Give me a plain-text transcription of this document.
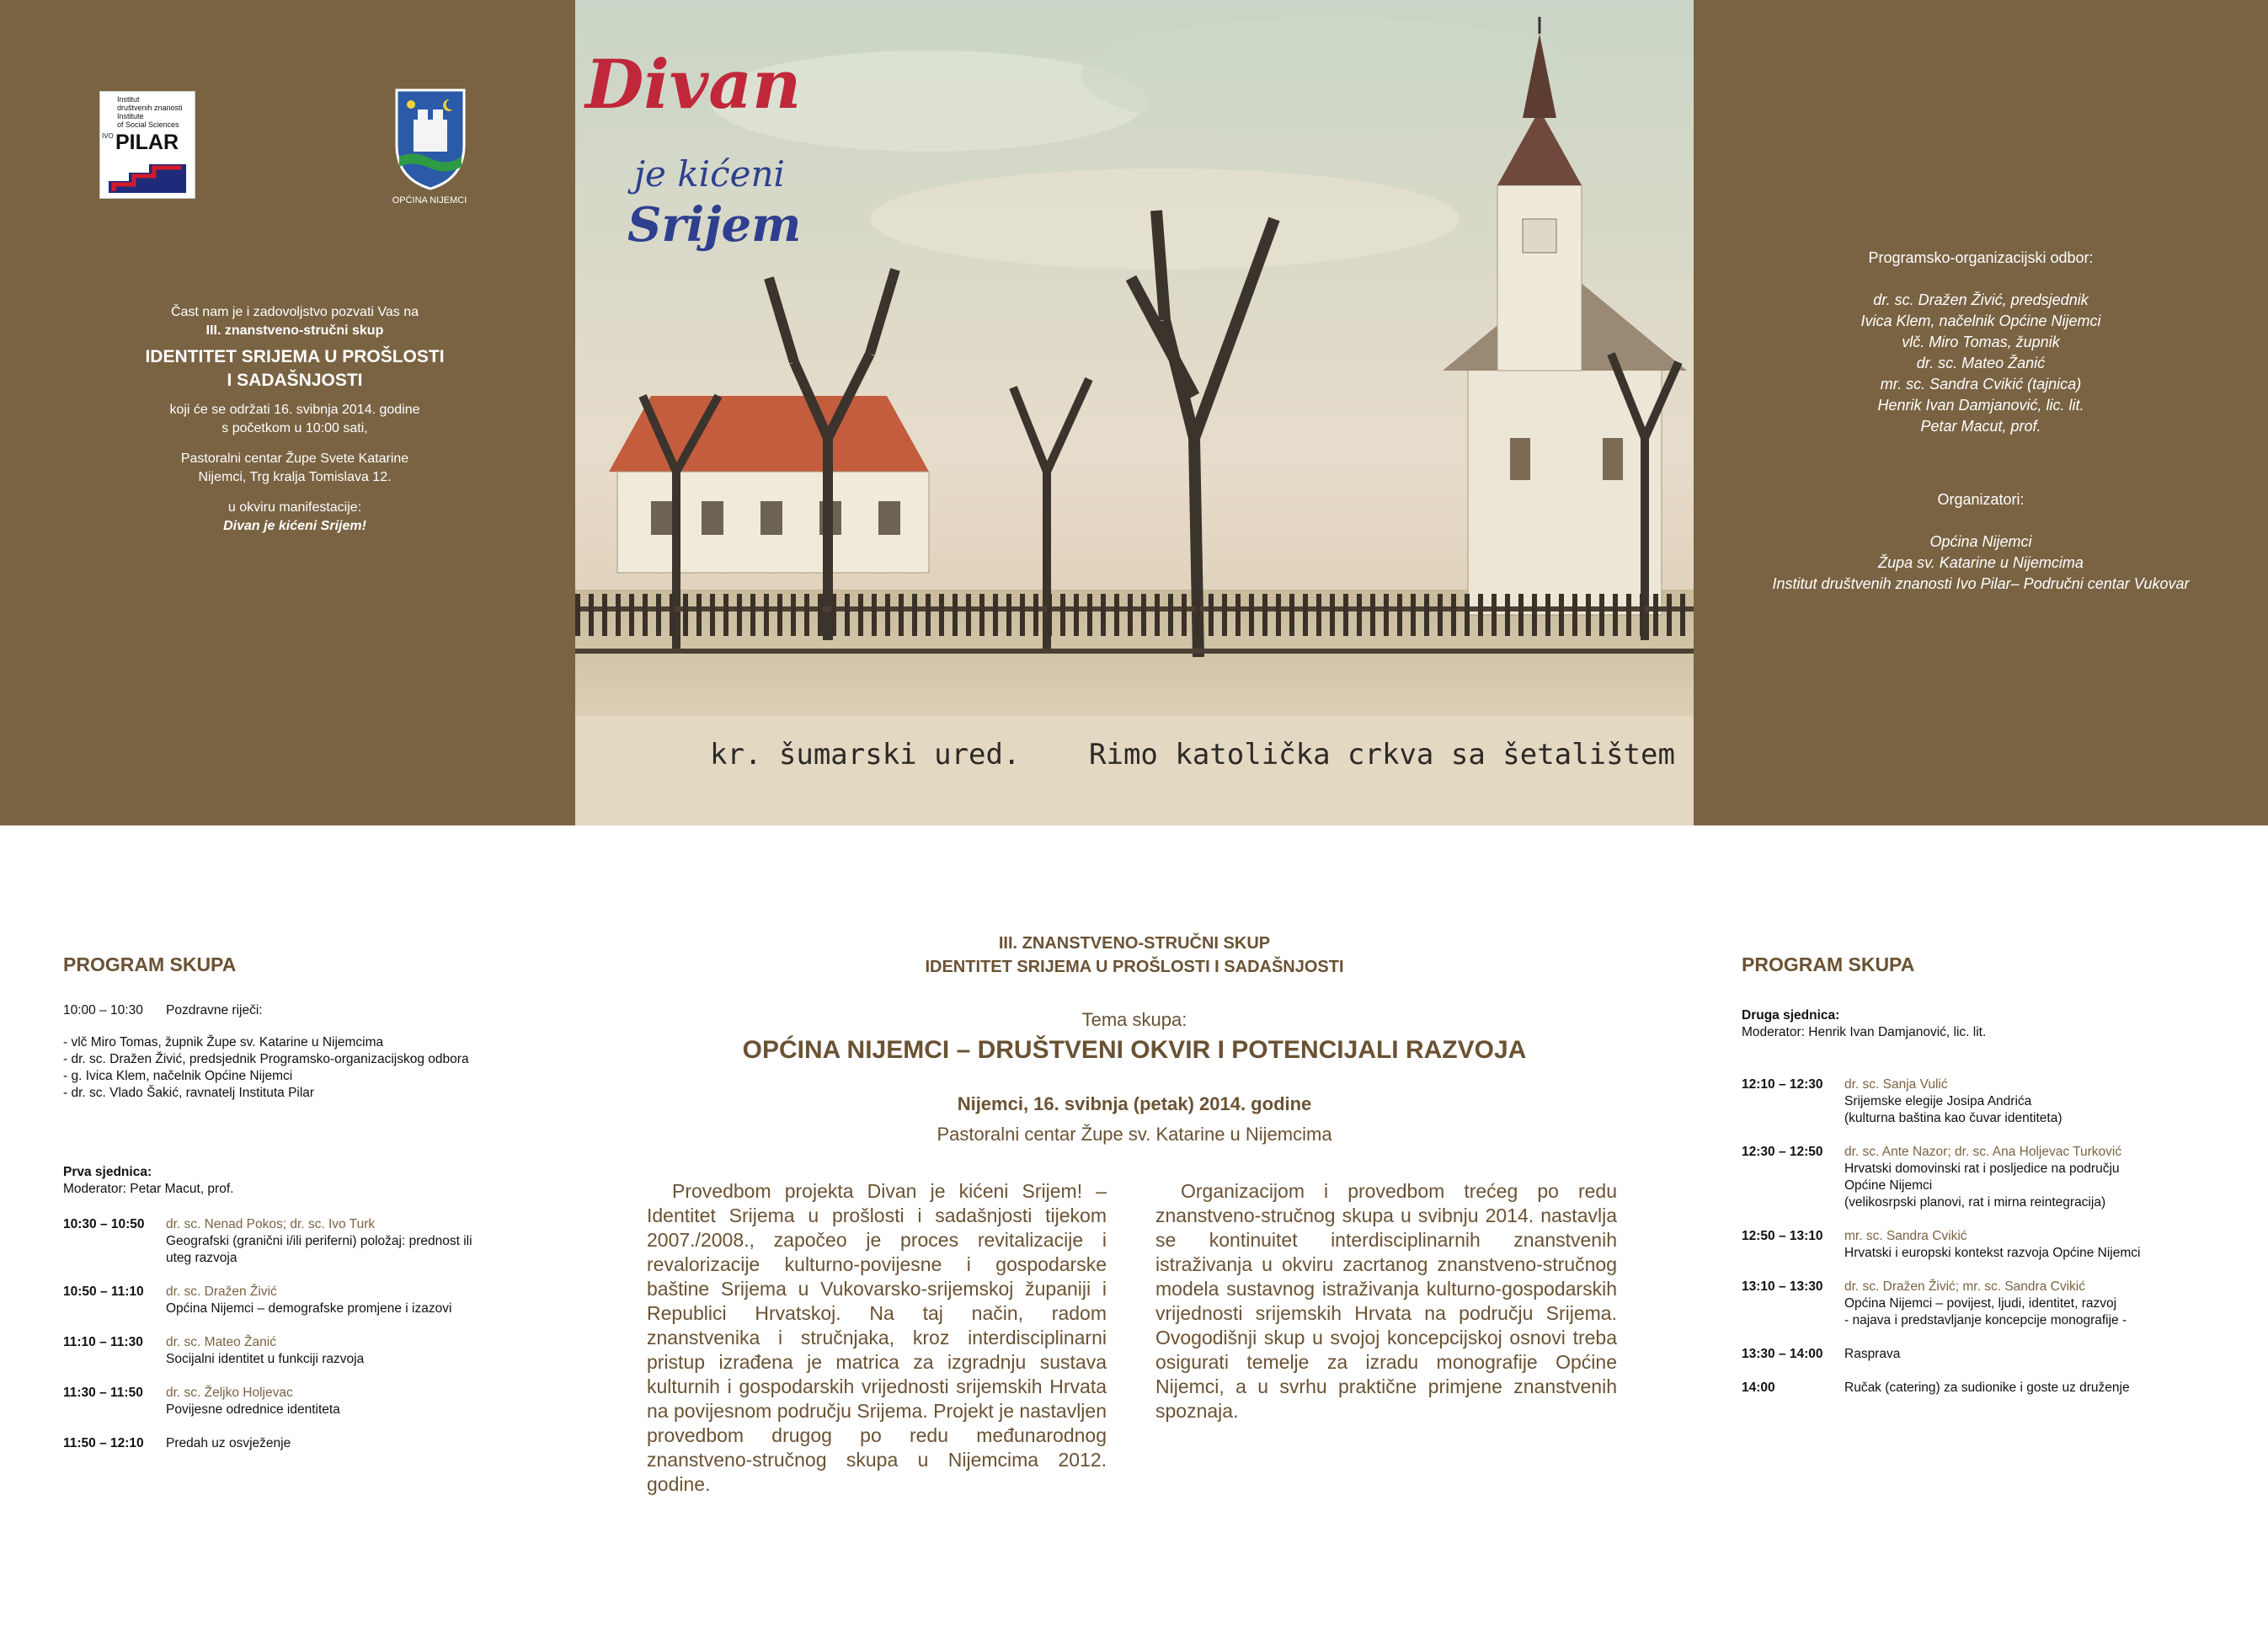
Institut
društvenih znanosti
Institute
of Social Sciences
IVO PILAR
OPĆINA NIJEMCI
Čast nam je i zadovoljstvo pozvati Vas na
III. znanstveno-stručni skup
IDENTITET SRIJEMA U PROŠLOSTI
I SADAŠNJOSTI
koji će se održati 16. svibnja 2014. godine
s početkom u 10:00 sati,
Pastoralni centar Župe Svete Katarine
Nijemci, Trg kralja Tomislava 12.
u okviru manifestacije:
Divan je kićeni Srijem!
Divan
je kićeni
Srijem
kr. šumarski ured. Rimo katolička crkva sa šetalištem
Programsko-organizacijski odbor:
dr. sc. Dražen Živić, predsjednik
Ivica Klem, načelnik Općine Nijemci
vlč. Miro Tomas, župnik
dr. sc. Mateo Žanić
mr. sc. Sandra Cvikić (tajnica)
Henrik Ivan Damjanović, lic. lit.
Petar Macut, prof.
Organizatori:
Općina Nijemci
Župa sv. Katarine u Nijemcima
Institut društvenih znanosti Ivo Pilar– Područni centar Vukovar
PROGRAM SKUPA
10:00 – 10:30	Pozdravne riječi:
- vlč Miro Tomas, župnik Župe sv. Katarine u Nijemcima
- dr. sc. Dražen Živić, predsjednik Programsko-organizacijskog odbora
- g. Ivica Klem, načelnik Općine Nijemci
- dr. sc. Vlado Šakić, ravnatelj Instituta Pilar
Prva sjednica:
Moderator: Petar Macut, prof.
10:30 – 10:50	dr. sc. Nenad Pokos; dr. sc. Ivo Turk
Geografski (granični i/ili periferni) položaj: prednost ili
uteg razvoja
10:50 – 11:10	dr. sc. Dražen Živić
Općina Nijemci – demografske promjene i izazovi
11:10 – 11:30	dr. sc. Mateo Žanić
Socijalni identitet u funkciji razvoja
11:30 – 11:50	dr. sc. Željko Holjevac
Povijesne odrednice identiteta
11:50 – 12:10	Predah uz osvježenje
III. ZNANSTVENO-STRUČNI SKUP
IDENTITET SRIJEMA U PROŠLOSTI I SADAŠNJOSTI
Tema skupa:
OPĆINA NIJEMCI – DRUŠTVENI OKVIR I POTENCIJALI RAZVOJA
Nijemci, 16. svibnja (petak) 2014. godine
Pastoralni centar Župe sv. Katarine u Nijemcima
Provedbom projekta Divan je kićeni Srijem! – Identitet Srijema u prošlosti i sadašnjosti tijekom 2007./2008., započeo je proces revitalizacije i revalorizacije kulturno-povijesne i gospodarske baštine Srijema u Vukovarsko-srijemskoj županiji i Republici Hrvatskoj. Na taj način, radom znanstvenika i stručnjaka, kroz interdisciplinarni pristup izrađena je matrica za izgradnju sustava kulturnih i gospodarskih vrijednosti srijemskih Hrvata na povijesnom području Srijema. Projekt je nastavljen provedbom drugog po redu međunarodnog znanstveno-stručnog skupa u Nijemcima 2012. godine.
Organizacijom i provedbom trećeg po redu znanstveno-stručnog skupa u svibnju 2014. nastavlja se kontinuitet interdisciplinarnih znanstvenih istraživanja u okviru zacrtanog znanstveno-stručnog modela sustavnog istraživanja kulturno-gospodarskih vrijednosti srijemskih Hrvata na području Srijema. Ovogodišnji skup u svojoj koncepcijskoj osnovi treba osigurati temelje za izradu monografije Općine Nijemci, a u svrhu praktične primjene znanstvenih spoznaja.
PROGRAM SKUPA
Druga sjednica:
Moderator: Henrik Ivan Damjanović, lic. lit.
12:10 – 12:30	dr. sc. Sanja Vulić
Srijemske elegije Josipa Andrića
(kulturna baština kao čuvar identiteta)
12:30 – 12:50	dr. sc. Ante Nazor; dr. sc. Ana Holjevac Turković
Hrvatski domovinski rat i posljedice na području
Općine Nijemci
(velikosrpski planovi, rat i mirna reintegracija)
12:50 – 13:10	mr. sc. Sandra Cvikić
Hrvatski i europski kontekst razvoja Općine Nijemci
13:10 – 13:30	dr. sc. Dražen Živić; mr. sc. Sandra Cvikić
Općina Nijemci – povijest, ljudi, identitet, razvoj
- najava i predstavljanje koncepcije monografije -
13:30 – 14:00	Rasprava
14:00	Ručak (catering) za sudionike i goste uz druženje
